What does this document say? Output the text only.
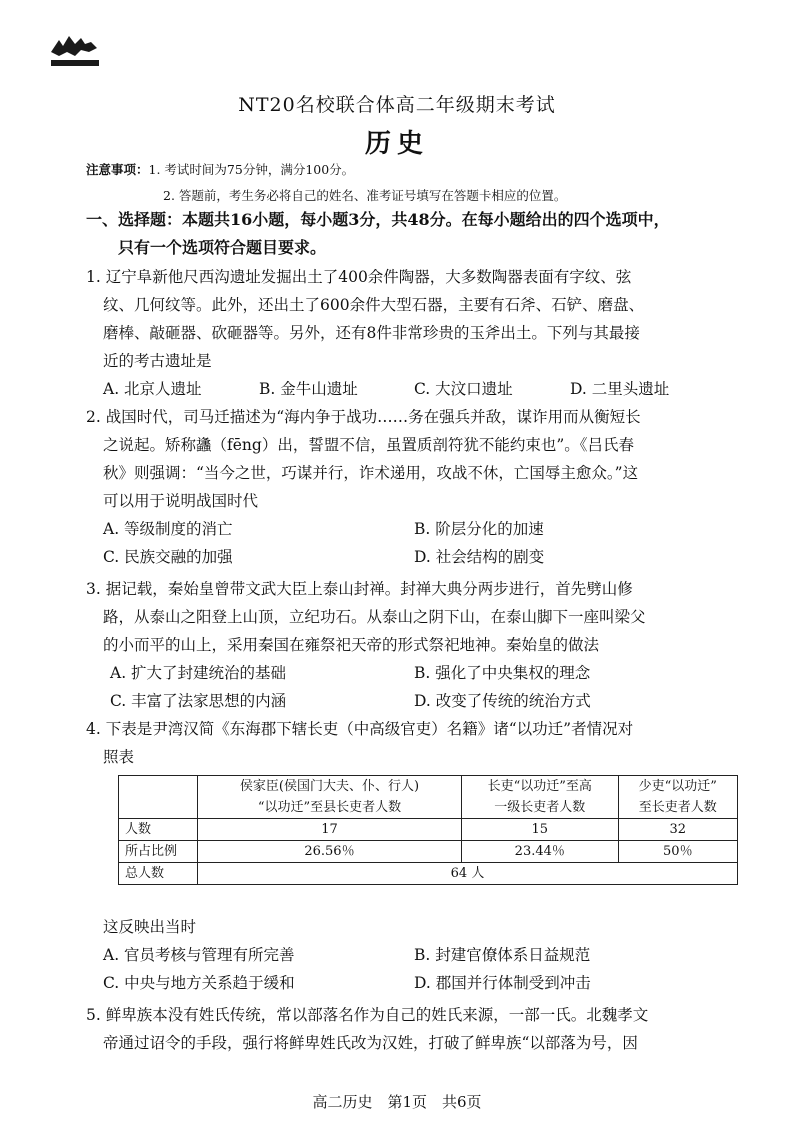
NT20名校联合体高二年级期末考试
历史
注意事项：1. 考试时间为75分钟，满分100分。
2. 答题前，考生务必将自己的姓名、准考证号填写在答题卡相应的位置。
一、选择题：本题共16小题，每小题3分，共48分。在每小题给出的四个选项中，
只有一个选项符合题目要求。
1. 辽宁阜新他尺西沟遗址发掘出土了400余件陶器，大多数陶器表面有字纹、弦
纹、几何纹等。此外，还出土了600余件大型石器，主要有石斧、石铲、磨盘、
磨棒、敲砸器、砍砸器等。另外，还有8件非常珍贵的玉斧出土。下列与其最接
近的考古遗址是
A. 北京人遗址	B. 金牛山遗址	C. 大汶口遗址	D. 二里头遗址
2. 战国时代，司马迁描述为“海内争于战功……务在强兵并敌，谋诈用而从衡短长
之说起。矫称蠭（fēng）出，誓盟不信，虽置质剖符犹不能约束也”。《吕氏春
秋》则强调：“当今之世，巧谋并行，诈术递用，攻战不休，亡国辱主愈众。”这
可以用于说明战国时代
A. 等级制度的消亡	B. 阶层分化的加速
C. 民族交融的加强	D. 社会结构的剧变
3. 据记载，秦始皇曾带文武大臣上泰山封禅。封禅大典分两步进行，首先劈山修
路，从泰山之阳登上山顶，立纪功石。从泰山之阴下山，在泰山脚下一座叫梁父
的小而平的山上，采用秦国在雍祭祀天帝的形式祭祀地神。秦始皇的做法
A. 扩大了封建统治的基础	B. 强化了中央集权的理念
C. 丰富了法家思想的内涵	D. 改变了传统的统治方式
4. 下表是尹湾汉简《东海郡下辖长吏（中高级官吏）名籍》诸“以功迁”者情况对
照表
	侯家臣(侯国门大夫、仆、行人)	长吏“以功迁”至高	少吏“以功迁”
	“以功迁”至县长吏者人数	一级长吏者人数	至长吏者人数
人数	17	15	32
所占比例	26.56％	23.44％	50％
总人数	64 人		
这反映出当时
A. 官员考核与管理有所完善	B. 封建官僚体系日益规范
C. 中央与地方关系趋于缓和	D. 郡国并行体制受到冲击
5. 鲜卑族本没有姓氏传统，常以部落名作为自己的姓氏来源，一部一氏。北魏孝文
帝通过诏令的手段，强行将鲜卑姓氏改为汉姓，打破了鲜卑族“以部落为号，因
高二历史　第1页　共6页
